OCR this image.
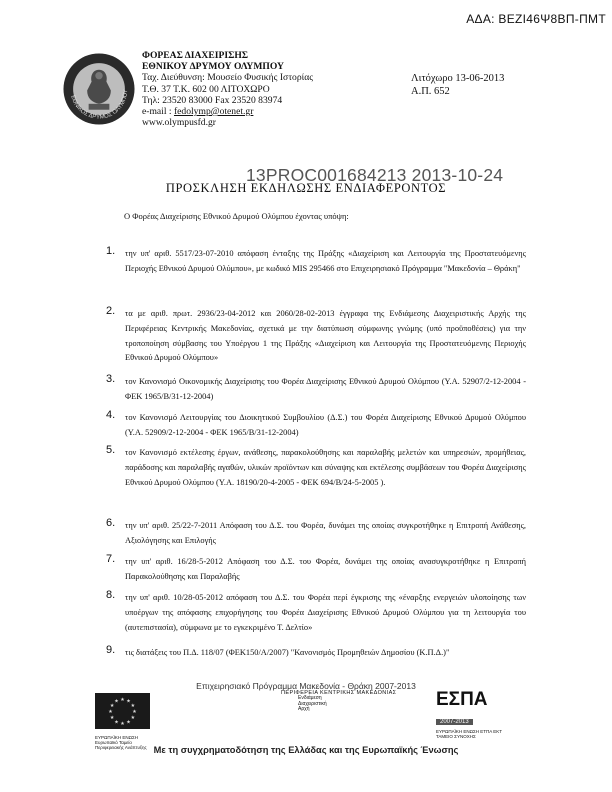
ΑΔΑ: ΒΕΖΙ46Ψ8ΒΠ-ΠΜΤ
ΕΘΝΙΚΟΣ ΔΡΥΜΟΣ ΟΛΥΜΠΟΥ
ΦΟΡΕΑΣ ΔΙΑΧΕΙΡΙΣΗΣ
ΕΘΝΙΚΟΥ ΔΡΥΜΟΥ ΟΛΥΜΠΟΥ
Ταχ. Διεύθυνση: Μουσείο Φυσικής Ιστορίας
Τ.Θ. 37 Τ.Κ. 602 00 ΛΙΤΟΧΩΡΟ
Τηλ: 23520 83000 Fax 23520 83974
e-mail : fedolymp@otenet.gr
www.olympusfd.gr
Λιτόχωρο 13-06-2013
Α.Π. 652
13PROC001684213 2013-10-24
ΠΡΟΣΚΛΗΣΗ ΕΚΔΗΛΩΣΗΣ ΕΝΔΙΑΦΕΡΟΝΤΟΣ
Ο Φορέας Διαχείρισης Εθνικού Δρυμού Ολύμπου έχοντας υπόψη:
1. την υπ' αριθ. 5517/23-07-2010 απόφαση ένταξης της Πράξης «Διαχείριση και Λειτουργία της Προστατευόμενης Περιοχής Εθνικού Δρυμού Ολύμπου», με κωδικό MIS 295466 στο Επιχειρησιακό Πρόγραμμα "Μακεδονία – Θράκη"
2. τα με αριθ. πρωτ. 2936/23-04-2012 και 2060/28-02-2013 έγγραφα της Ενδιάμεσης Διαχειριστικής Αρχής της Περιφέρειας Κεντρικής Μακεδονίας, σχετικά με την διατύπωση σύμφωνης γνώμης (υπό προϋποθέσεις) για την τροποποίηση σύμβασης του Υποέργου 1 της Πράξης «Διαχείριση και Λειτουργία της Προστατευόμενης Περιοχής Εθνικού Δρυμού Ολύμπου»
3. τον Κανονισμό Οικονομικής Διαχείρισης του Φορέα Διαχείρισης Εθνικού Δρυμού Ολύμπου (Υ.Α. 52907/2-12-2004 - ΦΕΚ 1965/Β/31-12-2004)
4. τον Κανονισμό Λειτουργίας του Διοικητικού Συμβουλίου (Δ.Σ.) του Φορέα Διαχείρισης Εθνικού Δρυμού Ολύμπου (Υ.Α. 52909/2-12-2004 - ΦΕΚ 1965/Β/31-12-2004)
5. τον Κανονισμό εκτέλεσης έργων, ανάθεσης, παρακολούθησης και παραλαβής μελετών και υπηρεσιών, προμήθειας, παράδοσης και παραλαβής αγαθών, υλικών προϊόντων και σύναψης και εκτέλεσης συμβάσεων του Φορέα Διαχείρισης Εθνικού Δρυμού Ολύμπου (Υ.Α. 18190/20-4-2005 - ΦΕΚ 694/Β/24-5-2005 ).
6. την υπ' αριθ. 25/22-7-2011 Απόφαση του Δ.Σ. του Φορέα, δυνάμει της οποίας συγκροτήθηκε η Επιτροπή Ανάθεσης, Αξιολόγησης και Επιλογής
7. την υπ' αριθ. 16/28-5-2012 Απόφαση του Δ.Σ. του Φορέα, δυνάμει της οποίας ανασυγκροτήθηκε η Επιτροπή Παρακολούθησης και Παραλαβής
8. την υπ' αριθ. 10/28-05-2012 απόφαση του Δ.Σ. του Φορέα περί έγκρισης της «έναρξης ενεργειών υλοποίησης των υποέργων της απόφασης επιχορήγησης του Φορέα Διαχείρισης Εθνικού Δρυμού Ολύμπου για τη λειτουργία του (αυτεπιστασία), σύμφωνα με το εγκεκριμένο Τ. Δελτίο»
9. τις διατάξεις του Π.Δ. 118/07 (ΦΕΚ150/Α/2007) "Κανονισμός Προμηθειών Δημοσίου (Κ.Π.Δ.)"
Επιχειρησιακό Πρόγραμμα Μακεδονία - Θράκη 2007-2013
★ ★
★
★
★
★
★
★
★
★
★
★
ΕΥΡΩΠΑΪΚΗ ΕΝΩΣΗ
Ευρωπαϊκό Ταμείο Περιφερειακής Ανάπτυξης
ΠΕΡΙΦΕΡΕΙΑ ΚΕΝΤΡΙΚΗΣ ΜΑΚΕΔΟΝΙΑΣ
Ενδιάμεση
Διαχειριστική
Αρχή	ΕΣΠΑ
2007-2013
ΕΥΡΩΠΑΪΚΗ ΕΝΩΣΗ ΕΤΠΑ ΕΚΤ ΤΑΜΕΙΟ ΣΥΝΟΧΗΣ
Με τη συγχρηματοδότηση της Ελλάδας και της Ευρωπαϊκής Ένωσης
